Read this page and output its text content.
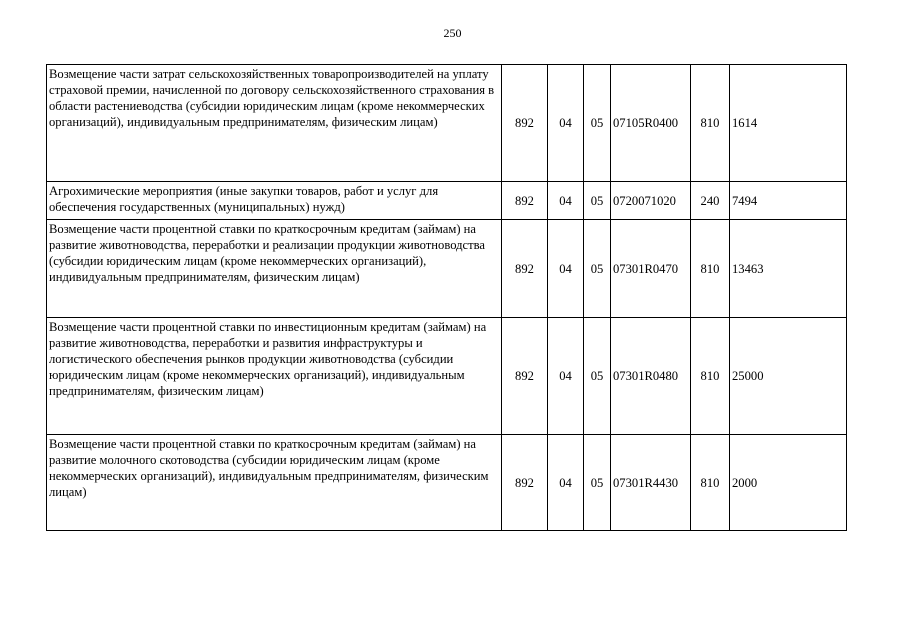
250
Возмещение части затрат сельскохозяйственных товаропроизводителей на уплату страховой премии, начисленной по договору сельскохозяйственного страхования в области растениеводства (субсидии юридическим лицам (кроме некоммерческих организаций), индивидуальным предпринимателям, физическим лицам)	892	04	05	07105R0400	810	1614
Агрохимические мероприятия (иные закупки товаров, работ и услуг для обеспечения государственных (муниципальных) нужд)	892	04	05	0720071020	240	7494
Возмещение части процентной ставки по краткосрочным кредитам (займам) на развитие животноводства, переработки и реализации продукции животноводства (субсидии юридическим лицам (кроме некоммерческих организаций), индивидуальным предпринимателям, физическим лицам)	892	04	05	07301R0470	810	13463
Возмещение части процентной ставки по инвестиционным кредитам (займам) на развитие животноводства, переработки и развития инфраструктуры и логистического обеспечения рынков продукции животноводства (субсидии юридическим лицам (кроме некоммерческих организаций), индивидуальным предпринимателям, физическим лицам)	892	04	05	07301R0480	810	25000
Возмещение части процентной ставки по краткосрочным кредитам (займам) на развитие молочного скотоводства (субсидии юридическим лицам (кроме некоммерческих организаций), индивидуальным предпринимателям, физическим лицам)	892	04	05	07301R4430	810	2000
